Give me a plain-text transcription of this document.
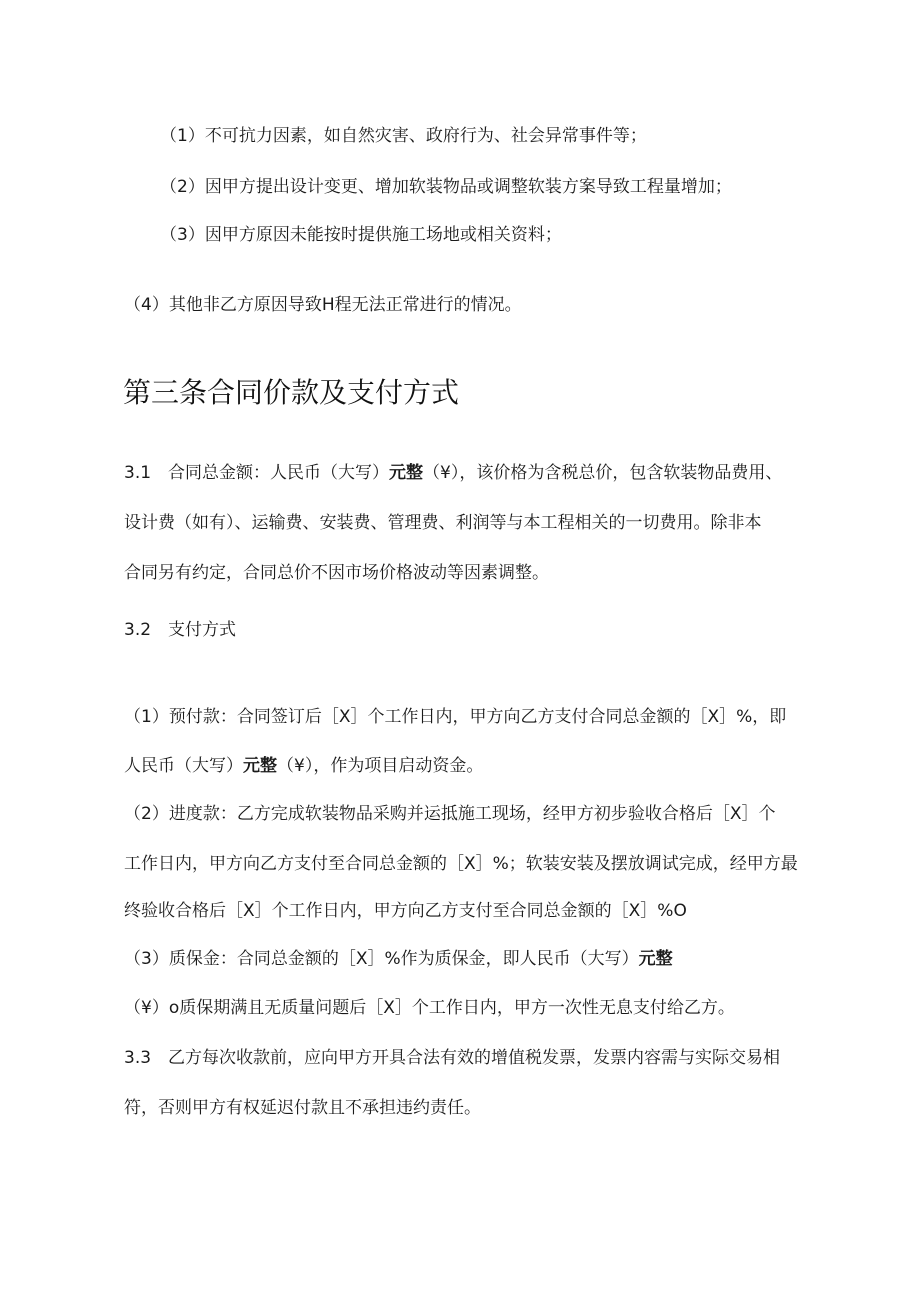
（1）不可抗力因素，如自然灾害、政府行为、社会异常事件等；
（2）因甲方提出设计变更、增加软装物品或调整软装方案导致工程量增加；
（3）因甲方原因未能按时提供施工场地或相关资料；
（4）其他非乙方原因导致H程无法正常进行的情况。
第三条合同价款及支付方式
3.1　合同总金额：人民币（大写）元整（¥），该价格为含税总价，包含软装物品费用、
设计费（如有）、运输费、安装费、管理费、利润等与本工程相关的一切费用。除非本
合同另有约定，合同总价不因市场价格波动等因素调整。
3.2　支付方式
（1）预付款：合同签订后［X］个工作日内，甲方向乙方支付合同总金额的［X］%，即
人民币（大写）元整（¥），作为项目启动资金。
（2）进度款：乙方完成软装物品采购并运抵施工现场，经甲方初步验收合格后［X］个
工作日内，甲方向乙方支付至合同总金额的［X］%；软装安装及摆放调试完成，经甲方最
终验收合格后［X］个工作日内，甲方向乙方支付至合同总金额的［X］%O
（3）质保金：合同总金额的［X］%作为质保金，即人民币（大写）元整
（¥）o质保期满且无质量问题后［X］个工作日内，甲方一次性无息支付给乙方。
3.3　乙方每次收款前，应向甲方开具合法有效的增值税发票，发票内容需与实际交易相
符，否则甲方有权延迟付款且不承担违约责任。
